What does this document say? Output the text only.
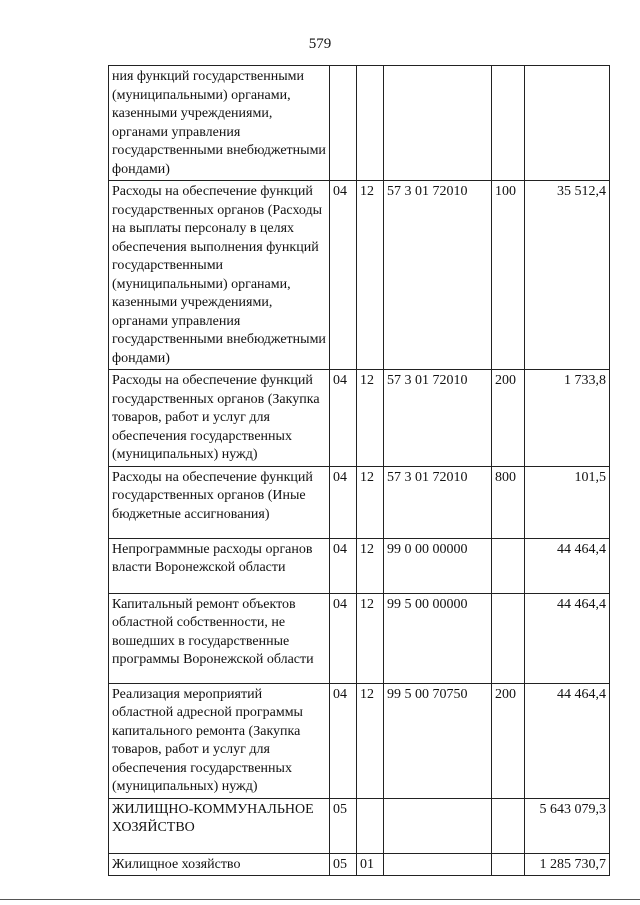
579
ния функций государственными (муниципальными) органами, казенными учреждениями, органами управления государственными внебюджетными фондами)					
Расходы на обеспечение функций государственных органов (Расходы на выплаты персоналу в целях обеспечения выполнения функций государственными (муниципальными) органами, казенными учреждениями, органами управления государственными внебюджетными фондами)	04	12	57 3 01 72010	100	35 512,4
Расходы на обеспечение функций государственных органов (Закупка товаров, работ и услуг для обеспечения государственных (муниципальных) нужд)	04	12	57 3 01 72010	200	1 733,8
Расходы на обеспечение функций государственных органов (Иные бюджетные ассигнования)	04	12	57 3 01 72010	800	101,5
Непрограммные расходы органов власти Воронежской области	04	12	99 0 00 00000		44 464,4
Капитальный ремонт объектов областной собственности, не вошедших в государственные программы Воронежской области	04	12	99 5 00 00000		44 464,4
Реализация мероприятий областной адресной программы капитального ремонта (Закупка товаров, работ и услуг для обеспечения государственных (муниципальных) нужд)	04	12	99 5 00 70750	200	44 464,4
ЖИЛИЩНО-КОММУНАЛЬНОЕ ХОЗЯЙСТВО	05				5 643 079,3
Жилищное хозяйство	05	01			1 285 730,7
